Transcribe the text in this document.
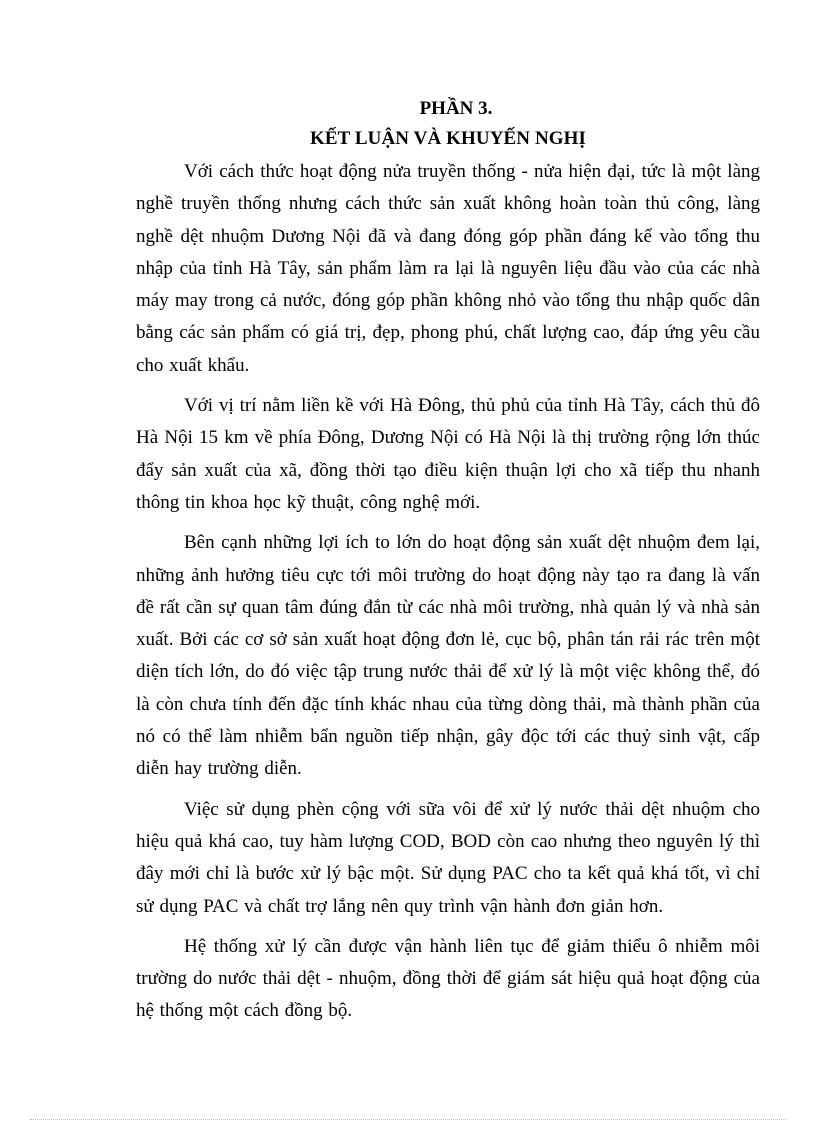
PHẦN 3.

KẾT LUẬN VÀ KHUYẾN NGHỊ

Với cách thức hoạt động nửa truyền thống - nửa hiện đại, tức là một làng nghề truyền thống nhưng cách thức sản xuất không hoàn toàn thủ công, làng nghề dệt nhuộm Dương Nội đã và đang đóng góp phần đáng kể vào tổng thu nhập của tỉnh Hà Tây, sản phẩm làm ra lại là nguyên liệu đầu vào của các nhà máy may trong cả nước, đóng góp phần không nhỏ vào tổng thu nhập quốc dân bằng các sản phẩm có giá trị, đẹp, phong phú, chất lượng cao, đáp ứng yêu cầu cho xuất khẩu.

Với vị trí nằm liền kề với Hà Đông, thủ phủ của tỉnh Hà Tây, cách thủ đô Hà Nội 15 km về phía Đông, Dương Nội có Hà Nội là thị trường rộng lớn thúc đẩy sản xuất của xã, đồng thời tạo điều kiện thuận lợi cho xã tiếp thu nhanh thông tin khoa học kỹ thuật, công nghệ mới.

Bên cạnh những lợi ích to lớn do hoạt động sản xuất dệt nhuộm đem lại, những ảnh hưởng tiêu cực tới môi trường do hoạt động này tạo ra đang là vấn đề rất cần sự quan tâm đúng đắn từ các nhà môi trường, nhà quản lý và nhà sản xuất. Bởi các cơ sở sản xuất hoạt động đơn lẻ, cục bộ, phân tán rải rác trên một diện tích lớn, do đó việc tập trung nước thải để xử lý là một việc không thể, đó là còn chưa tính đến đặc tính khác nhau của từng dòng thải, mà thành phần của nó có thể làm nhiễm bẩn nguồn tiếp nhận, gây độc tới các thuỷ sinh vật, cấp diễn hay trường diễn.

Việc sử dụng phèn cộng với sữa vôi để xử lý nước thải dệt nhuộm cho hiệu quả khá cao, tuy hàm lượng COD, BOD còn cao nhưng theo nguyên lý thì đây mới chỉ là bước xử lý bậc một. Sử dụng PAC cho ta kết quả khá tốt, vì chỉ sử dụng PAC và chất trợ lắng nên quy trình vận hành đơn giản hơn.

Hệ thống xử lý cần được vận hành liên tục để giảm thiểu ô nhiễm môi trường do nước thải dệt - nhuộm, đồng thời để giám sát hiệu quả hoạt động của hệ thống một cách đồng bộ.
